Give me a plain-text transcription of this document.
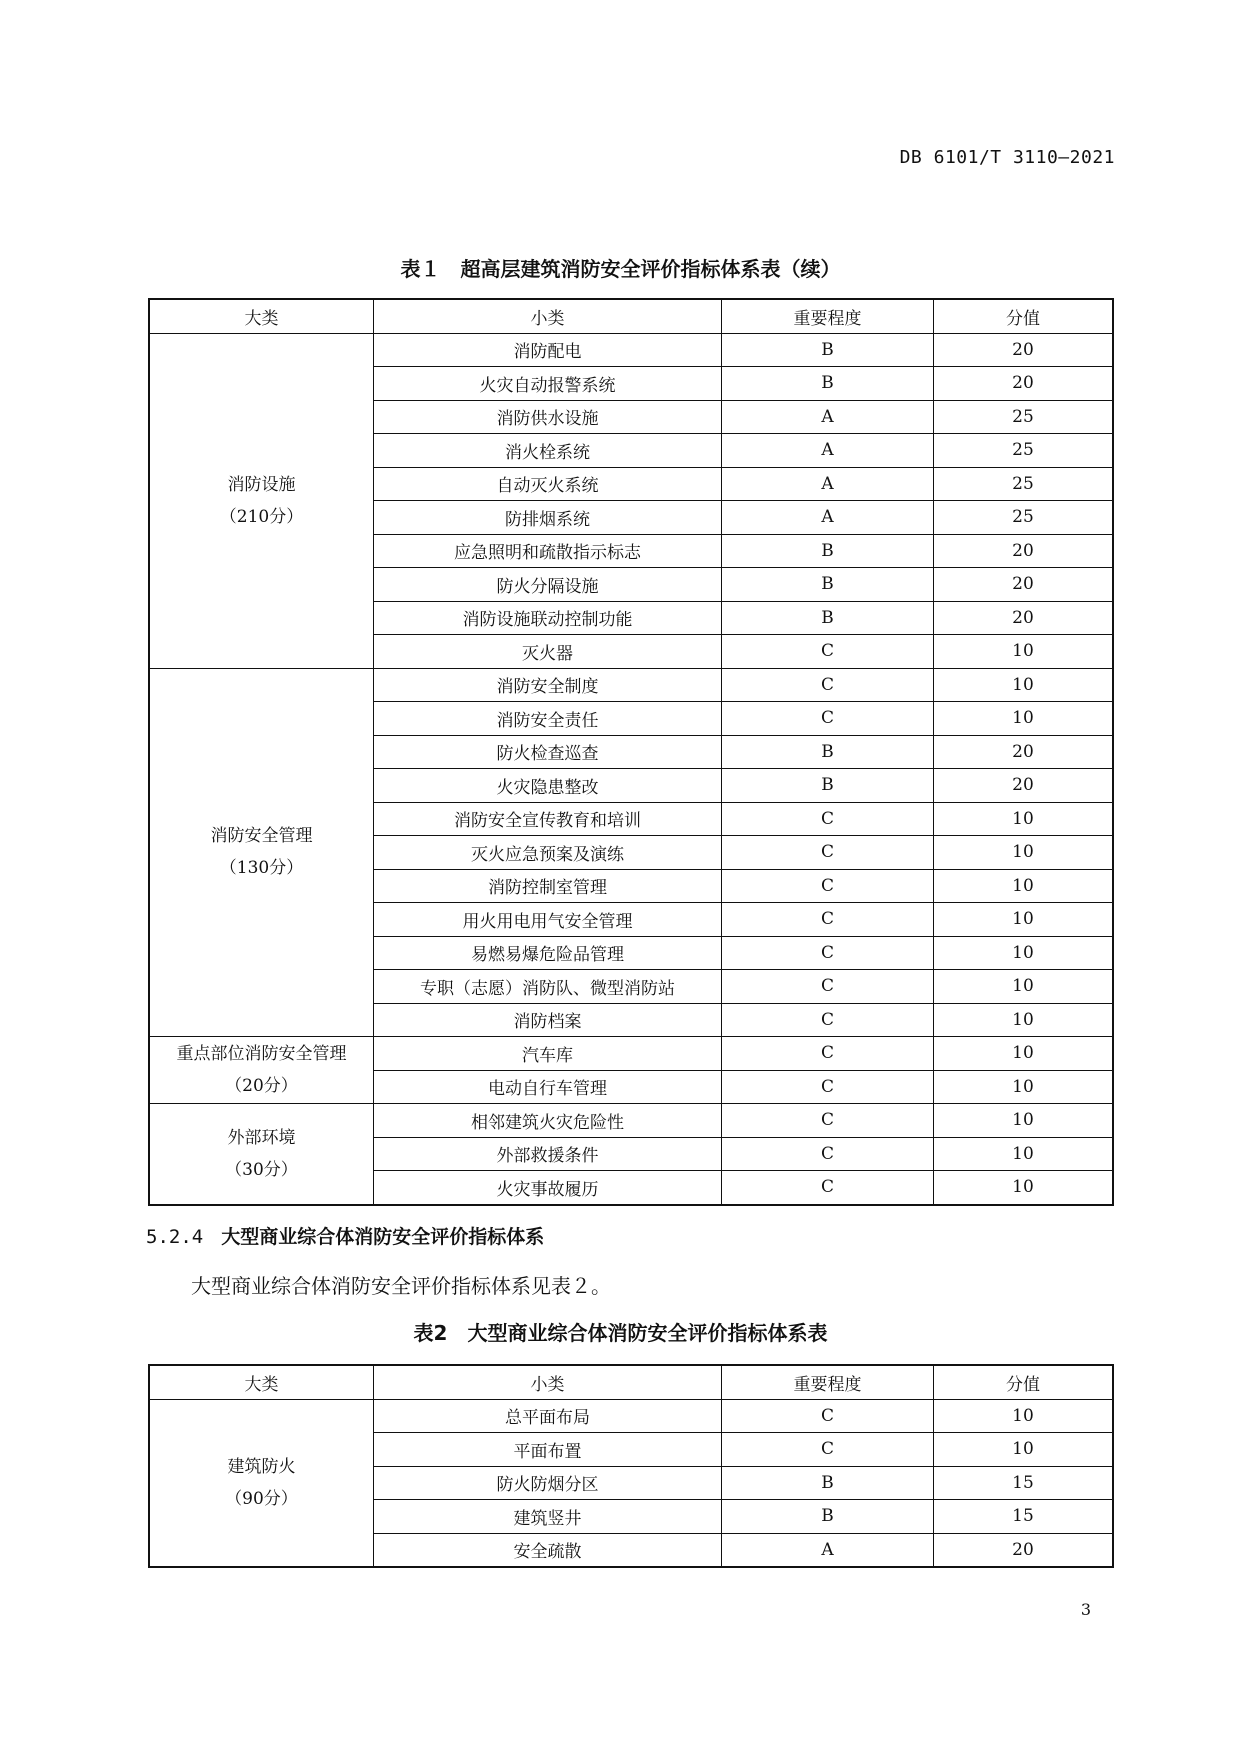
DB 6101/T 3110—2021
表１　超高层建筑消防安全评价指标体系表（续）
大类	小类	重要程度	分值

消防设施
（210分）	消防配电	B	20
	火灾自动报警系统	B	20
	消防供水设施	A	25
	消火栓系统	A	25
	自动灭火系统	A	25
	防排烟系统	A	25
	应急照明和疏散指示标志	B	20
	防火分隔设施	B	20
	消防设施联动控制功能	B	20
	灭火器	C	10

消防安全管理
（130分）	消防安全制度	C	10
	消防安全责任	C	10
	防火检查巡查	B	20
	火灾隐患整改	B	20
	消防安全宣传教育和培训	C	10
	灭火应急预案及演练	C	10
	消防控制室管理	C	10
	用火用电用气安全管理	C	10
	易燃易爆危险品管理	C	10
	专职（志愿）消防队、微型消防站	C	10
	消防档案	C	10

重点部位消防安全管理
（20分）	汽车库	C	10
	电动自行车管理	C	10

外部环境
（30分）	相邻建筑火灾危险性	C	10
	外部救援条件	C	10
	火灾事故履历	C	10
5.2.4 大型商业综合体消防安全评价指标体系
大型商业综合体消防安全评价指标体系见表２。
表2　大型商业综合体消防安全评价指标体系表
大类	小类	重要程度	分值

建筑防火
（90分）	总平面布局	C	10
	平面布置	C	10
	防火防烟分区	B	15
	建筑竖井	B	15
	安全疏散	A	20
3
